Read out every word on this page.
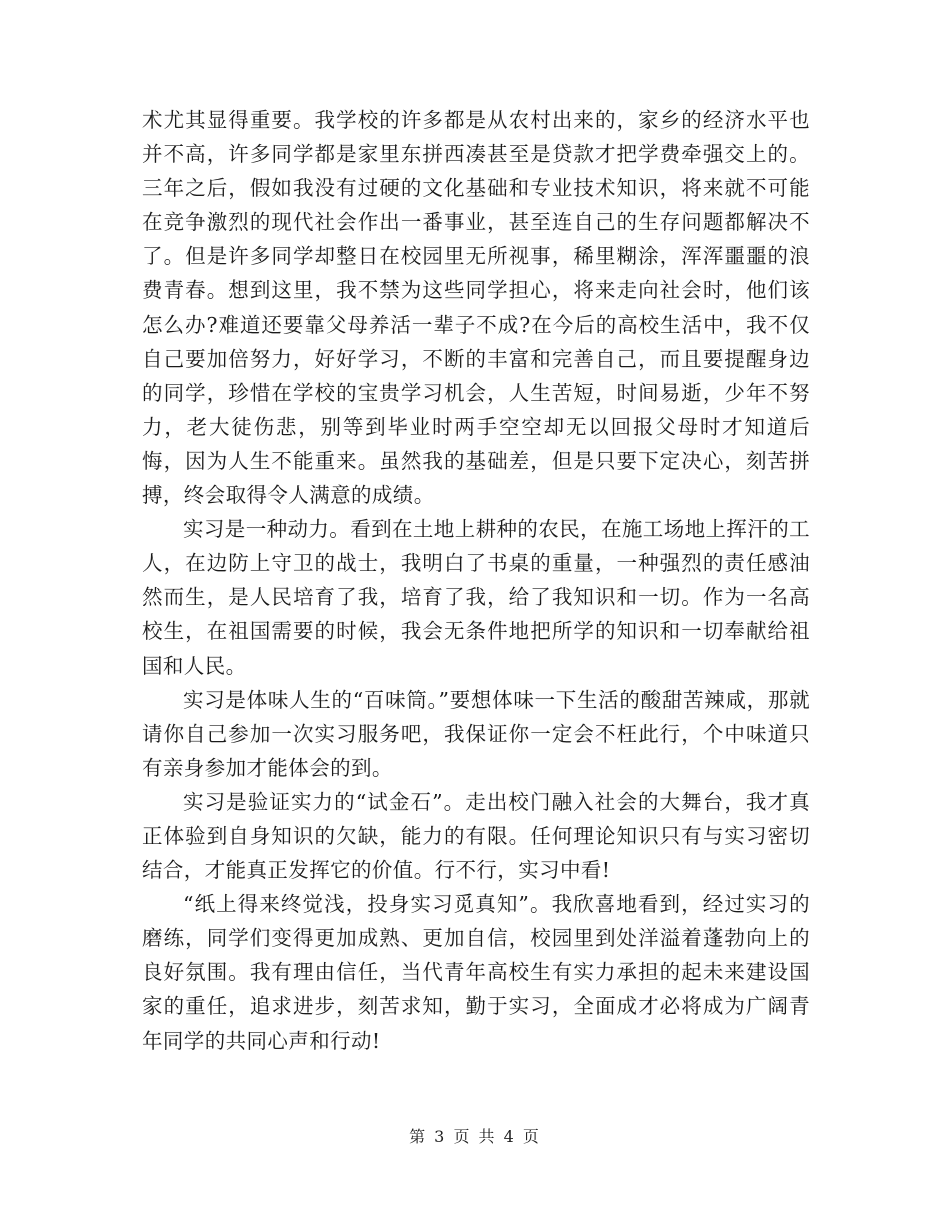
术尤其显得重要。我学校的许多都是从农村出来的，家乡的经济水平也并不高，许多同学都是家里东拼西凑甚至是贷款才把学费牵强交上的。三年之后，假如我没有过硬的文化基础和专业技术知识，将来就不可能在竞争激烈的现代社会作出一番事业，甚至连自己的生存问题都解决不了。但是许多同学却整日在校园里无所视事，稀里糊涂，浑浑噩噩的浪费青春。想到这里，我不禁为这些同学担心，将来走向社会时，他们该怎么办?难道还要靠父母养活一辈子不成?在今后的高校生活中，我不仅自己要加倍努力，好好学习，不断的丰富和完善自己，而且要提醒身边的同学，珍惜在学校的宝贵学习机会，人生苦短，时间易逝，少年不努力，老大徒伤悲，别等到毕业时两手空空却无以回报父母时才知道后悔，因为人生不能重来。虽然我的基础差，但是只要下定决心，刻苦拼搏，终会取得令人满意的成绩。

实习是一种动力。看到在土地上耕种的农民，在施工场地上挥汗的工人，在边防上守卫的战士，我明白了书桌的重量，一种强烈的责任感油然而生，是人民培育了我，培育了我，给了我知识和一切。作为一名高校生，在祖国需要的时候，我会无条件地把所学的知识和一切奉献给祖国和人民。

实习是体味人生的“百味筒。”要想体味一下生活的酸甜苦辣咸，那就请你自己参加一次实习服务吧，我保证你一定会不枉此行，个中味道只有亲身参加才能体会的到。

实习是验证实力的“试金石”。走出校门融入社会的大舞台，我才真正体验到自身知识的欠缺，能力的有限。任何理论知识只有与实习密切结合，才能真正发挥它的价值。行不行，实习中看!

“纸上得来终觉浅，投身实习觅真知”。我欣喜地看到，经过实习的磨练，同学们变得更加成熟、更加自信，校园里到处洋溢着蓬勃向上的良好氛围。我有理由信任，当代青年高校生有实力承担的起未来建设国家的重任，追求进步，刻苦求知，勤于实习，全面成才必将成为广阔青年同学的共同心声和行动!

第 3 页 共 4 页
